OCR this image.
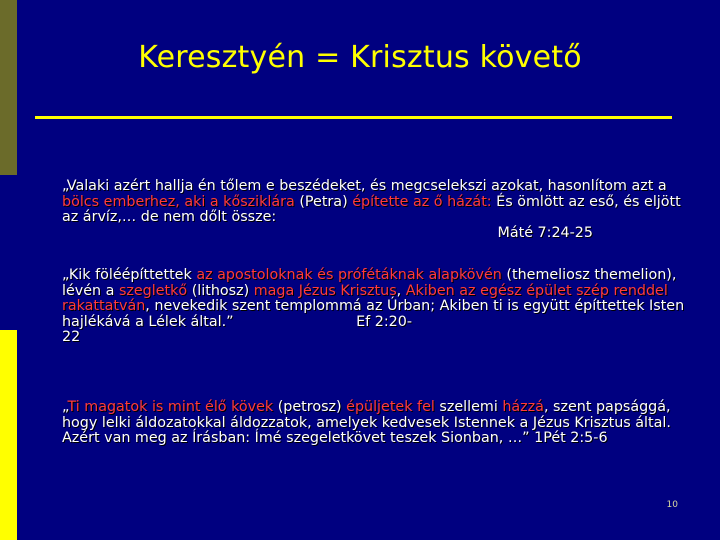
Keresztyén = Krisztus követő
„Valaki azért hallja én tőlem e beszédeket, és megcselekszi azokat, hasonlítom azt a bölcs emberhez, aki a kősziklára (Petra) építette az ő házát: És ömlött az eső, és eljött az árvíz,… de nem dőlt össze: Máté 7:24-25
„Kik föléépíttettek az apostoloknak és prófétáknak alapkövén (themeliosz themelion), lévén a szegletkő (lithosz) maga Jézus Krisztus, Akiben az egész épület szép renddel rakattatván, nevekedik szent templommá az Úrban; Akiben ti is együtt építtettek Isten hajlékává a Lélek által.”	Ef 2:20-
22
„Ti magatok is mint élő kövek (petrosz) épüljetek fel szellemi házzá, szent papsággá, hogy lelki áldozatokkal áldozzatok, amelyek kedvesek Istennek a Jézus Krisztus által. Azért van meg az Írásban: Ímé szegeletkövet teszek Sionban, …” 1Pét 2:5-6
10
